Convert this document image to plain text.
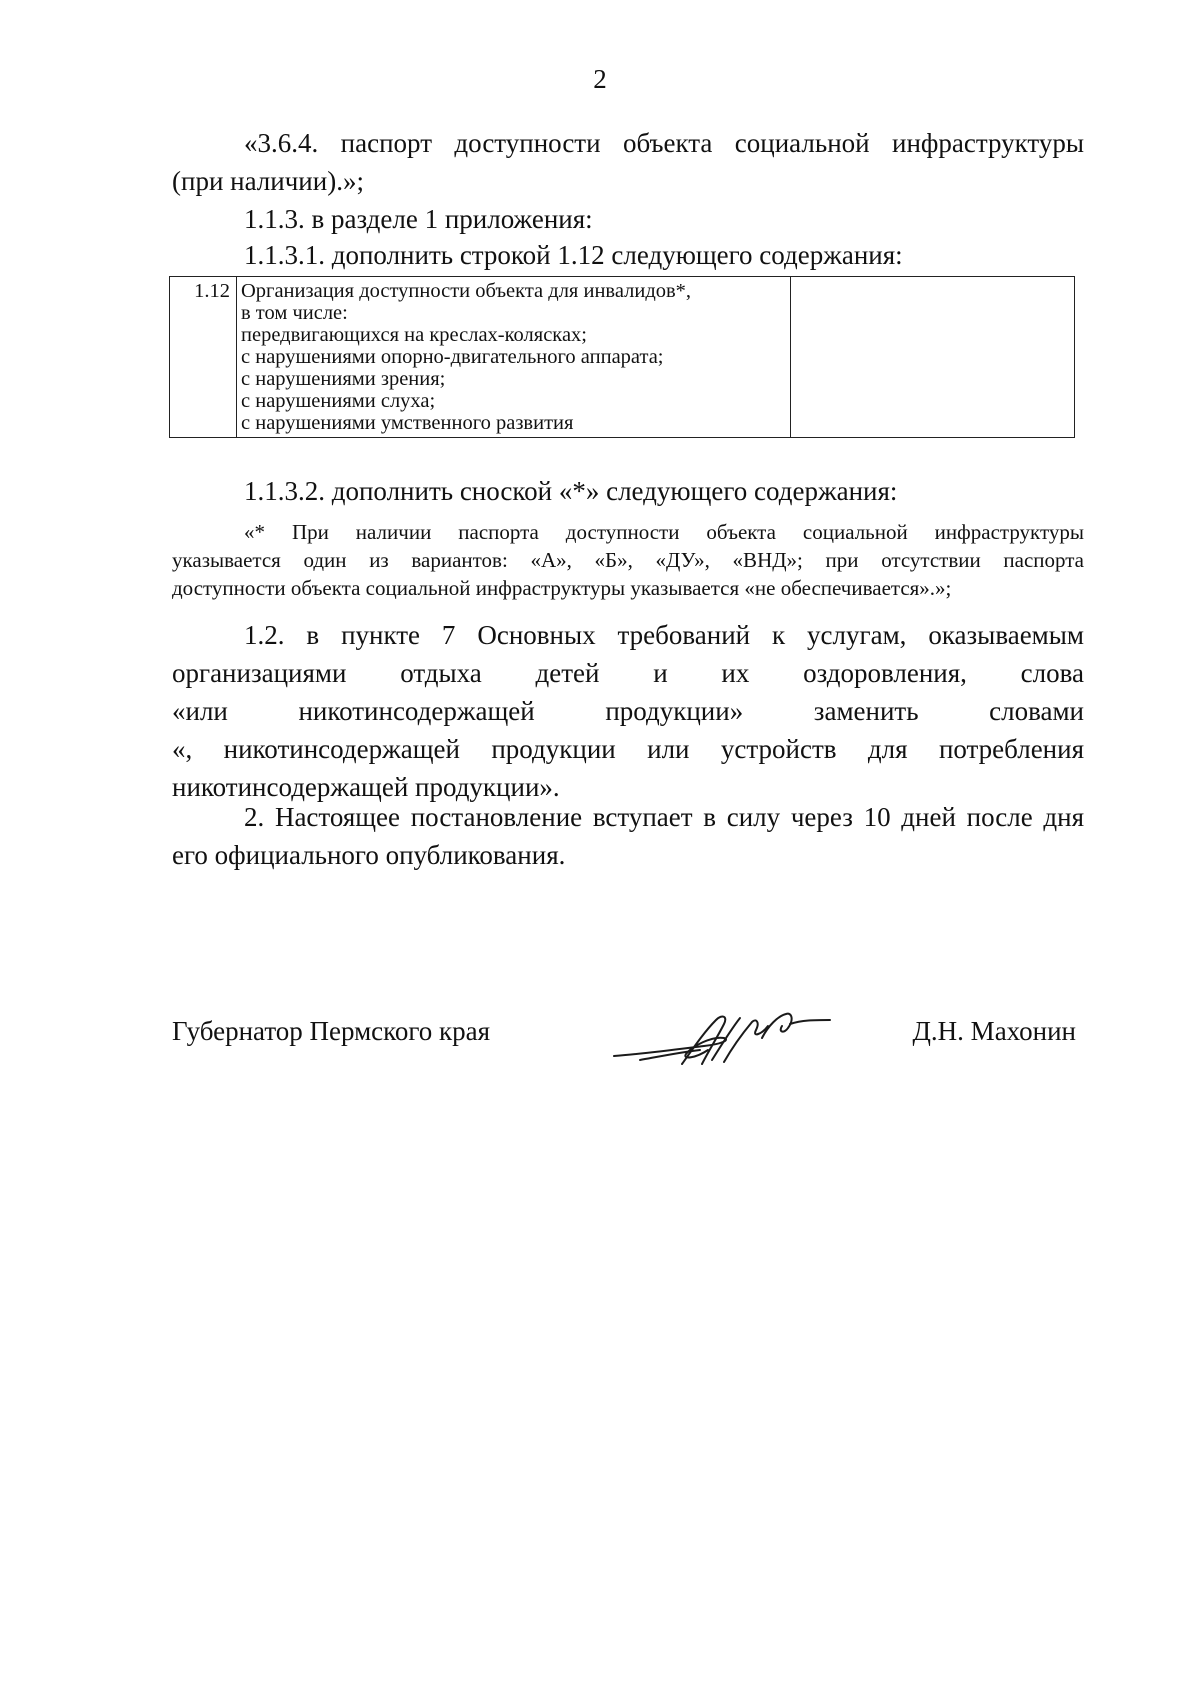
2

«3.6.4. паспорт доступности объекта социальной инфраструктуры

(при наличии).»;

1.1.3. в разделе 1 приложения:

1.1.3.1. дополнить строкой 1.12 следующего содержания:

1.12	Организация доступности объекта для инвалидов*,
в том числе:
передвигающихся на креслах-колясках;
с нарушениями опорно-двигательного аппарата;
с нарушениями зрения;
с нарушениями слуха;
с нарушениями умственного развития

1.1.3.2. дополнить сноской «*» следующего содержания:

«* При наличии паспорта доступности объекта социальной инфраструктуры

указывается один из вариантов: «А», «Б», «ДУ», «ВНД»; при отсутствии паспорта

доступности объекта социальной инфраструктуры указывается «не обеспечивается».»;

1.2. в пункте 7 Основных требований к услугам, оказываемым

организациями отдыха детей и их оздоровления, слова

«или никотинсодержащей продукции» заменить словами

«, никотинсодержащей продукции или устройств для потребления

никотинсодержащей продукции».

2. Настоящее постановление вступает в силу через 10 дней после дня

его официального опубликования.

Губернатор Пермского края	Д.Н. Махонин
